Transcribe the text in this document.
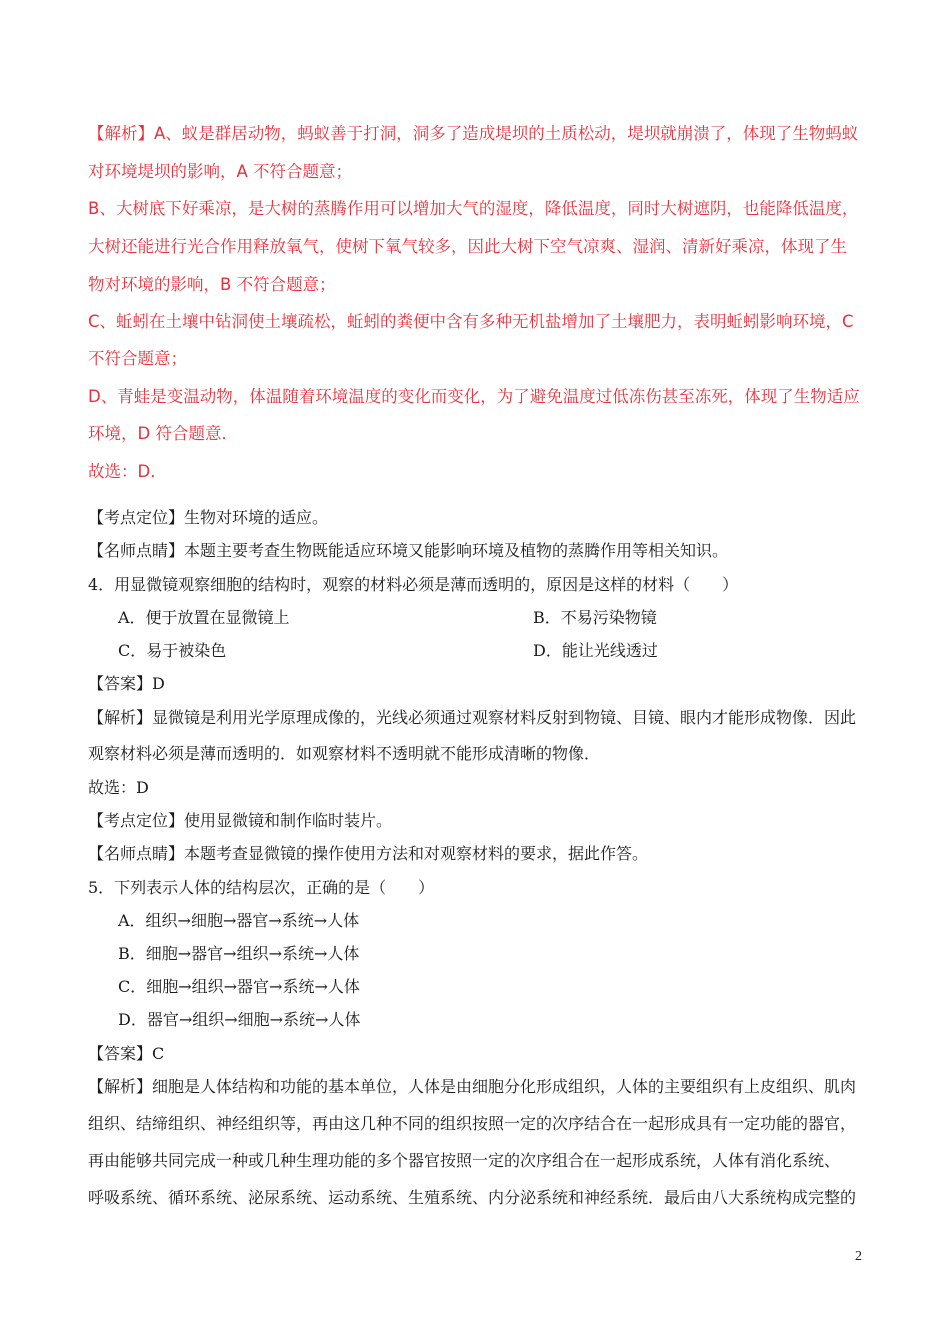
【解析】A、蚁是群居动物，蚂蚁善于打洞，洞多了造成堤坝的土质松动，堤坝就崩溃了，体现了生物蚂蚁
对环境堤坝的影响，A 不符合题意；
B、大树底下好乘凉，是大树的蒸腾作用可以增加大气的湿度，降低温度，同时大树遮阴，也能降低温度，
大树还能进行光合作用释放氧气，使树下氧气较多，因此大树下空气凉爽、湿润、清新好乘凉，体现了生
物对环境的影响，B 不符合题意；
C、蚯蚓在土壤中钻洞使土壤疏松，蚯蚓的粪便中含有多种无机盐增加了土壤肥力，表明蚯蚓影响环境，C
不符合题意；
D、青蛙是变温动物，体温随着环境温度的变化而变化，为了避免温度过低冻伤甚至冻死，体现了生物适应
环境，D 符合题意．
故选：D．
【考点定位】生物对环境的适应。
【名师点睛】本题主要考查生物既能适应环境又能影响环境及植物的蒸腾作用等相关知识。
4．用显微镜观察细胞的结构时，观察的材料必须是薄而透明的，原因是这样的材料（　　）
A．便于放置在显微镜上	B．不易污染物镜
C．易于被染色	D．能让光线透过
【答案】D
【解析】显微镜是利用光学原理成像的，光线必须通过观察材料反射到物镜、目镜、眼内才能形成物像．因此
观察材料必须是薄而透明的．如观察材料不透明就不能形成清晰的物像．
故选：D
【考点定位】使用显微镜和制作临时装片。
【名师点睛】本题考查显微镜的操作使用方法和对观察材料的要求，据此作答。
5．下列表示人体的结构层次，正确的是（　　）
A．组织→细胞→器官→系统→人体
B．细胞→器官→组织→系统→人体
C．细胞→组织→器官→系统→人体
D．器官→组织→细胞→系统→人体
【答案】C
【解析】细胞是人体结构和功能的基本单位，人体是由细胞分化形成组织，人体的主要组织有上皮组织、肌肉
组织、结缔组织、神经组织等，再由这几种不同的组织按照一定的次序结合在一起形成具有一定功能的器官，
再由能够共同完成一种或几种生理功能的多个器官按照一定的次序组合在一起形成系统，人体有消化系统、
呼吸系统、循环系统、泌尿系统、运动系统、生殖系统、内分泌系统和神经系统．最后由八大系统构成完整的
2
